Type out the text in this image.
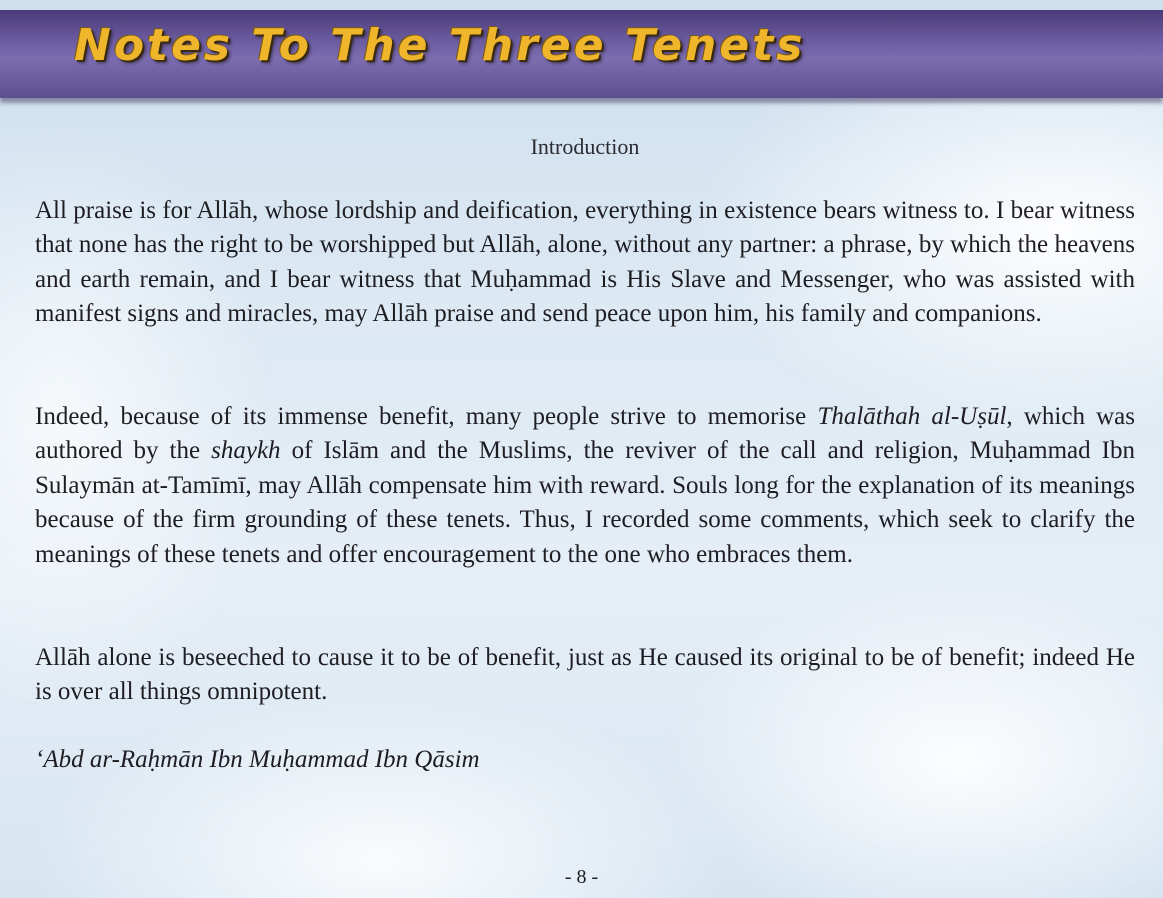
Notes To The Three Tenets
Introduction

All praise is for Allāh, whose lordship and deification, everything in existence bears witness to. I bear witness that none has the right to be worshipped but Allāh, alone, without any partner: a phrase, by which the heavens and earth remain, and I bear witness that Muḥammad is His Slave and Messenger, who was assisted with manifest signs and miracles, may Allāh praise and send peace upon him, his family and companions.

Indeed, because of its immense benefit, many people strive to memorise Thalāthah al-Uṣūl, which was authored by the shaykh of Islām and the Muslims, the reviver of the call and religion, Muḥammad Ibn Sulaymān at-Tamīmī, may Allāh compensate him with reward. Souls long for the explanation of its meanings because of the firm grounding of these tenets. Thus, I recorded some comments, which seek to clarify the meanings of these tenets and offer encouragement to the one who embraces them.

Allāh alone is beseeched to cause it to be of benefit, just as He caused its original to be of benefit; indeed He is over all things omnipotent.

‘Abd ar-Raḥmān Ibn Muḥammad Ibn Qāsim

- 8 -
